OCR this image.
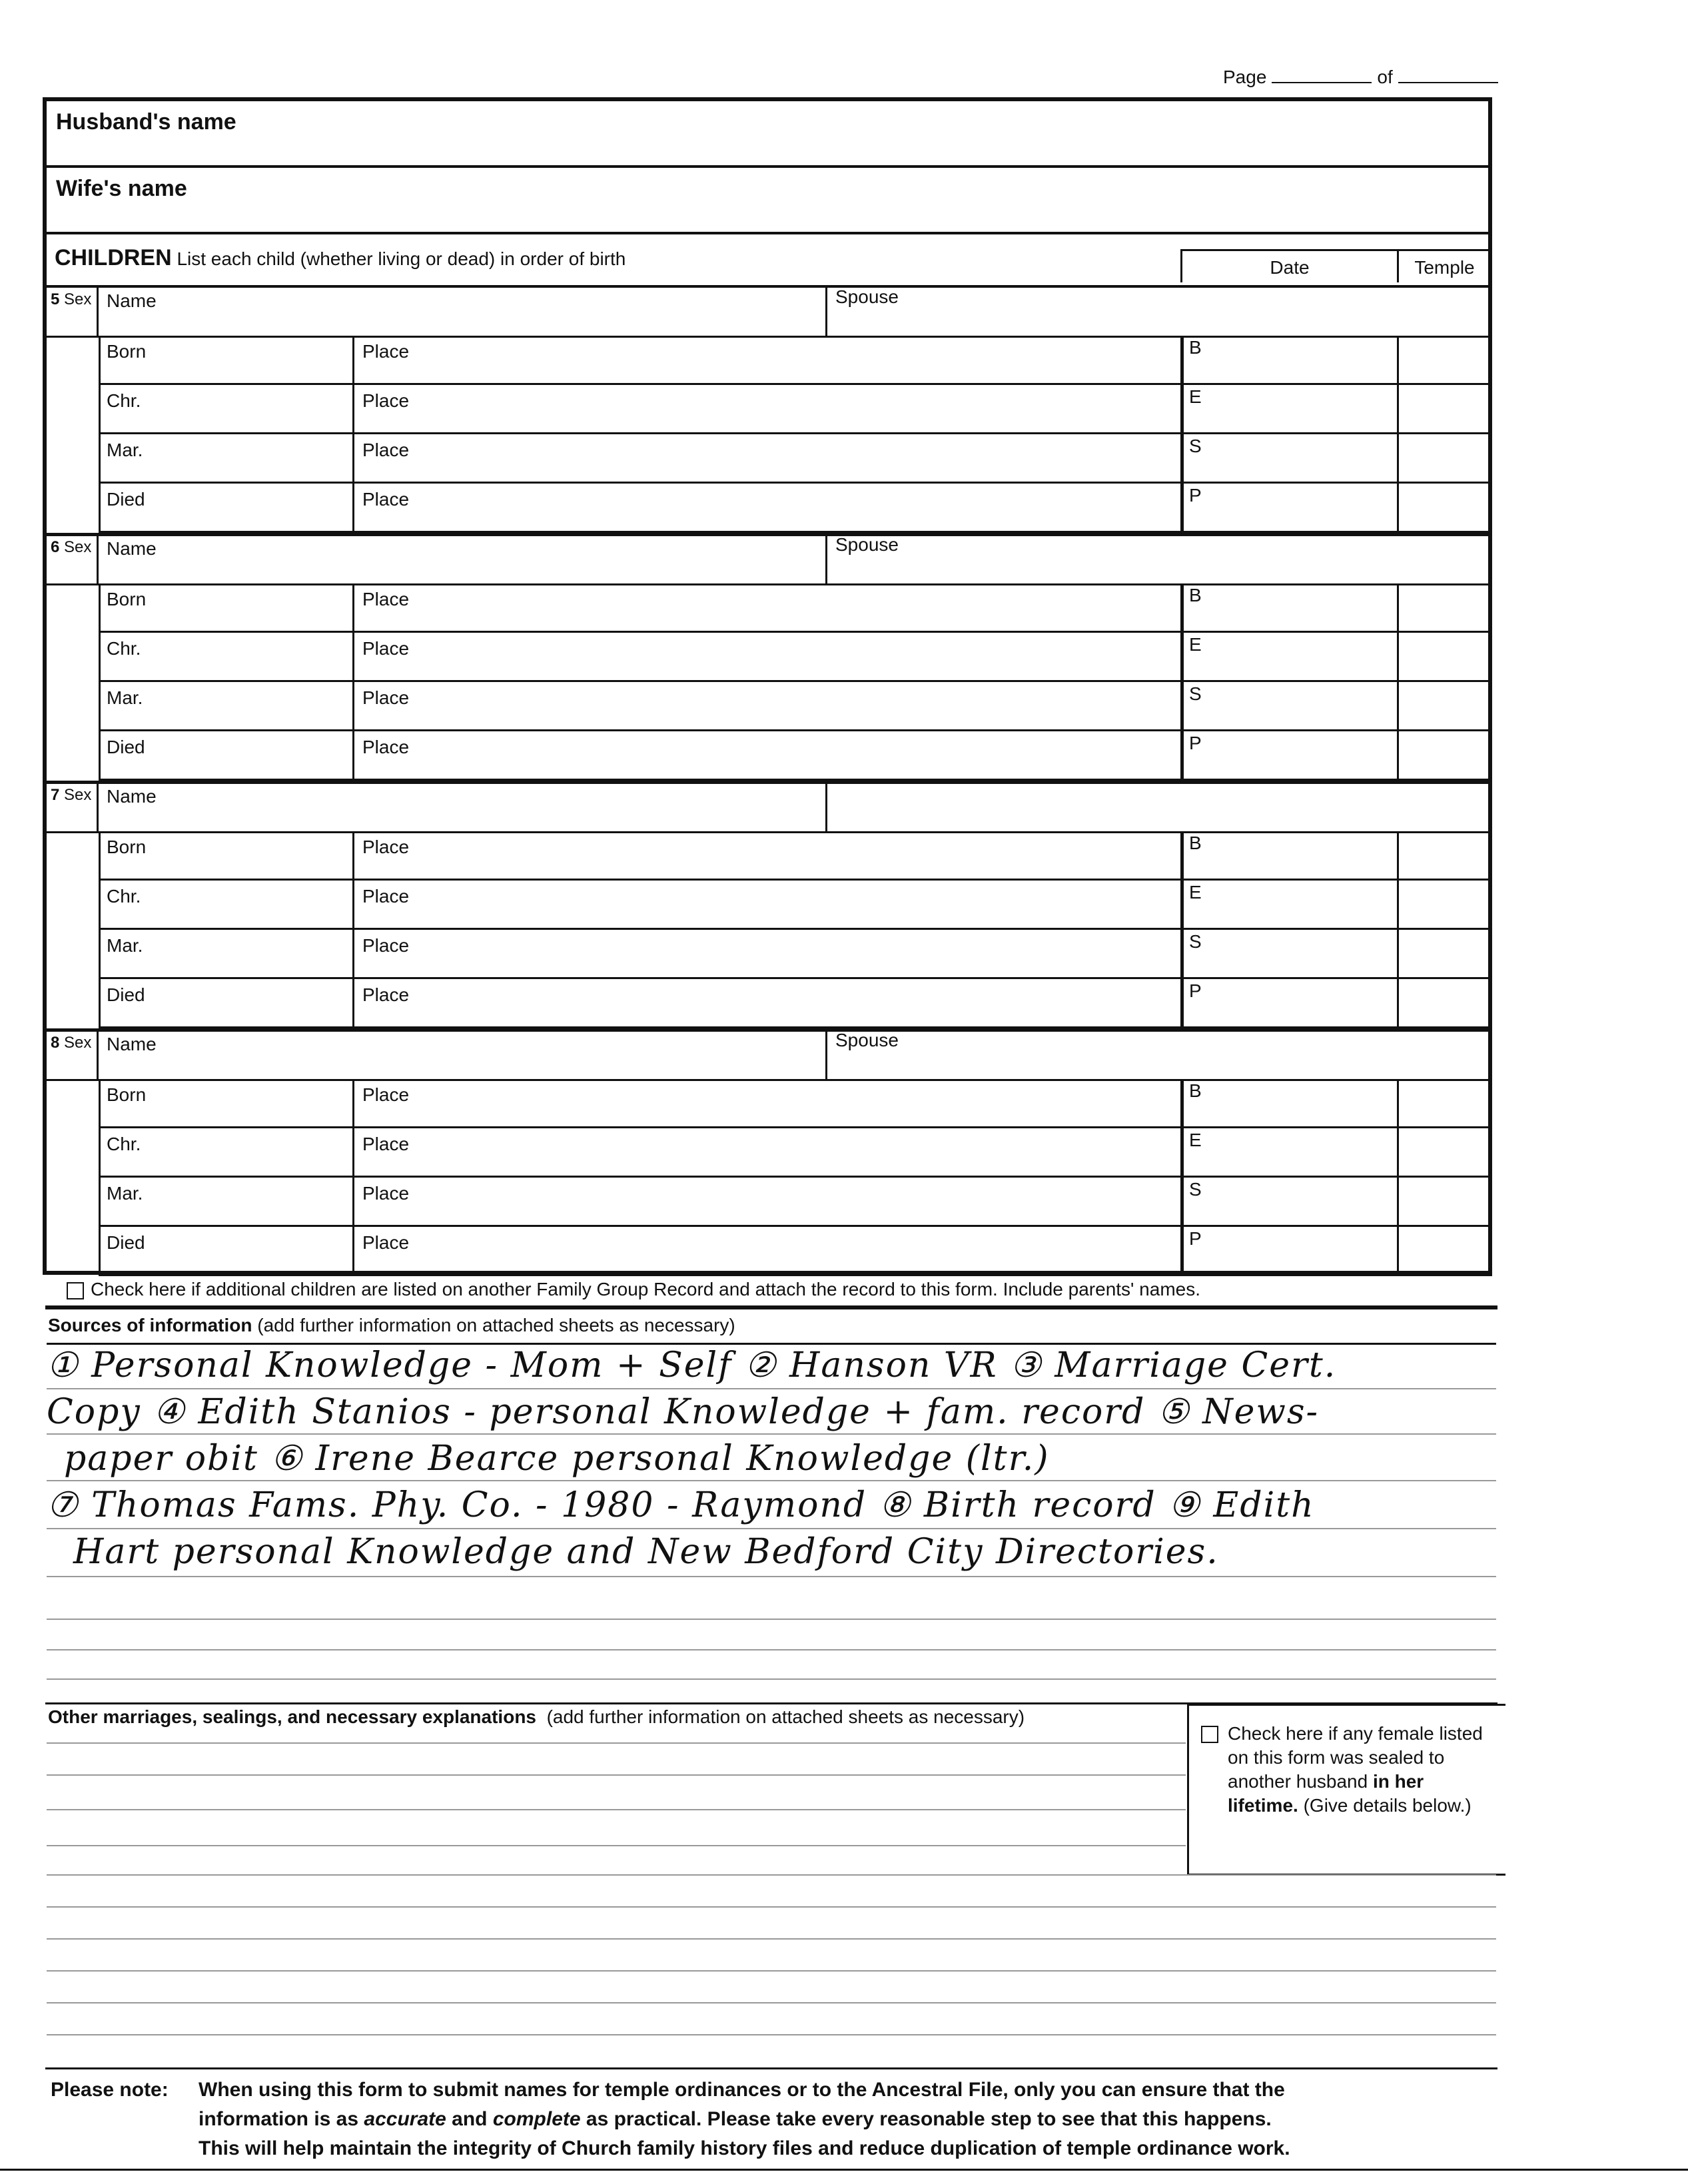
Page	of
Husband's name
Wife's name
CHILDREN List each child (whether living or dead) in order of birth	Date	Temple
5 Sex Name	Spouse
Born	Place	B
Chr.	Place	E
Mar.	Place	S
Died	Place	P
6 Sex Name	Spouse
Born	Place	B
Chr.	Place	E
Mar.	Place	S
Died	Place	P
7 Sex Name
Born	Place	B
Chr.	Place	E
Mar.	Place	S
Died	Place	P
8 Sex Name	Spouse
Born	Place	B
Chr.	Place	E
Mar.	Place	S
Died	Place	P
Check here if additional children are listed on another Family Group Record and attach the record to this form. Include parents' names.
Sources of information (add further information on attached sheets as necessary)
① Personal Knowledge - Mom + Self ② Hanson VR ③ Marriage Cert.
Copy ④ Edith Stanios - personal Knowledge + fam. record ⑤ News-
paper obit ⑥ Irene Bearce personal Knowledge (ltr.)
⑦ Thomas Fams. Phy. Co. - 1980 - Raymond ⑧ Birth record ⑨ Edith
Hart personal Knowledge and New Bedford City Directories.
Other marriages, sealings, and necessary explanations (add further information on attached sheets as necessary)
Check here if any female listed
on this form was sealed to
another husband in her
lifetime. (Give details below.)
Please note: When using this form to submit names for temple ordinances or to the Ancestral File, only you can ensure that the
information is as accurate and complete as practical. Please take every reasonable step to see that this happens.
This will help maintain the integrity of Church family history files and reduce duplication of temple ordinance work.
